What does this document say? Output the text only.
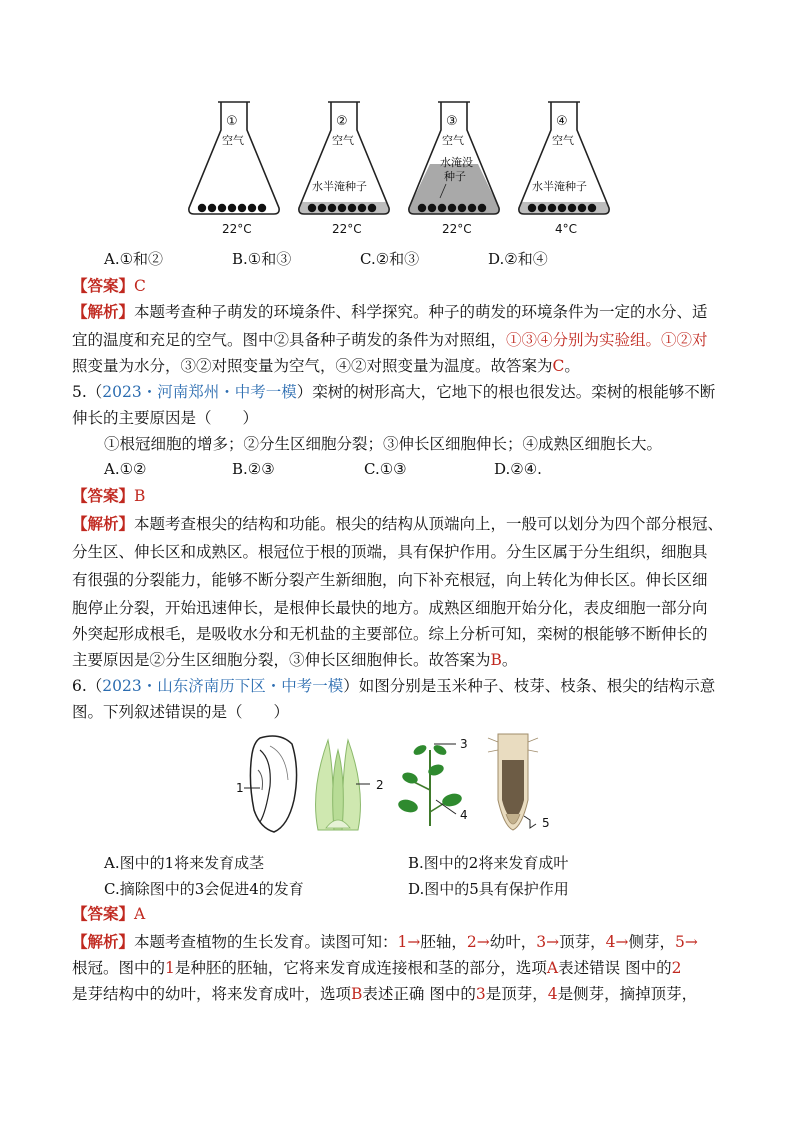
①
空气
②
空气
水半淹种子
③
空气
水淹没
种子
④
空气
水半淹种子
22°C	22°C	22°C	4°C
A.①和②	B.①和③	C.②和③	D.②和④
【答案】C
【解析】本题考查种子萌发的环境条件、科学探究。种子的萌发的环境条件为一定的水分、适
宜的温度和充足的空气。图中②具备种子萌发的条件为对照组，①③④分别为实验组。①②对
照变量为水分，③②对照变量为空气，④②对照变量为温度。故答案为C。
5.（2023・河南郑州・中考一模）栾树的树形高大，它地下的根也很发达。栾树的根能够不断
伸长的主要原因是（　　）
①根冠细胞的增多；②分生区细胞分裂；③伸长区细胞伸长；④成熟区细胞长大。
A.①②	B.②③	C.①③	D.②④.
【答案】B
【解析】本题考查根尖的结构和功能。根尖的结构从顶端向上，一般可以划分为四个部分根冠、
分生区、伸长区和成熟区。根冠位于根的顶端，具有保护作用。分生区属于分生组织，细胞具
有很强的分裂能力，能够不断分裂产生新细胞，向下补充根冠，向上转化为伸长区。伸长区细
胞停止分裂，开始迅速伸长，是根伸长最快的地方。成熟区细胞开始分化，表皮细胞一部分向
外突起形成根毛，是吸收水分和无机盐的主要部位。综上分析可知，栾树的根能够不断伸长的
主要原因是②分生区细胞分裂，③伸长区细胞伸长。故答案为B。
6.（2023・山东济南历下区・中考一模）如图分别是玉米种子、枝芽、枝条、根尖的结构示意
图。下列叙述错误的是（　　）
1	2
3
4
5
A.图中的1将来发育成茎	B.图中的2将来发育成叶
C.摘除图中的3会促进4的发育	D.图中的5具有保护作用
【答案】A
【解析】本题考查植物的生长发育。读图可知：1→胚轴，2→幼叶，3→顶芽，4→侧芽，5→
根冠。图中的1是种胚的胚轴，它将来发育成连接根和茎的部分，选项A表述错误 图中的2
是芽结构中的幼叶，将来发育成叶，选项B表述正确 图中的3是顶芽，4是侧芽，摘掉顶芽，
